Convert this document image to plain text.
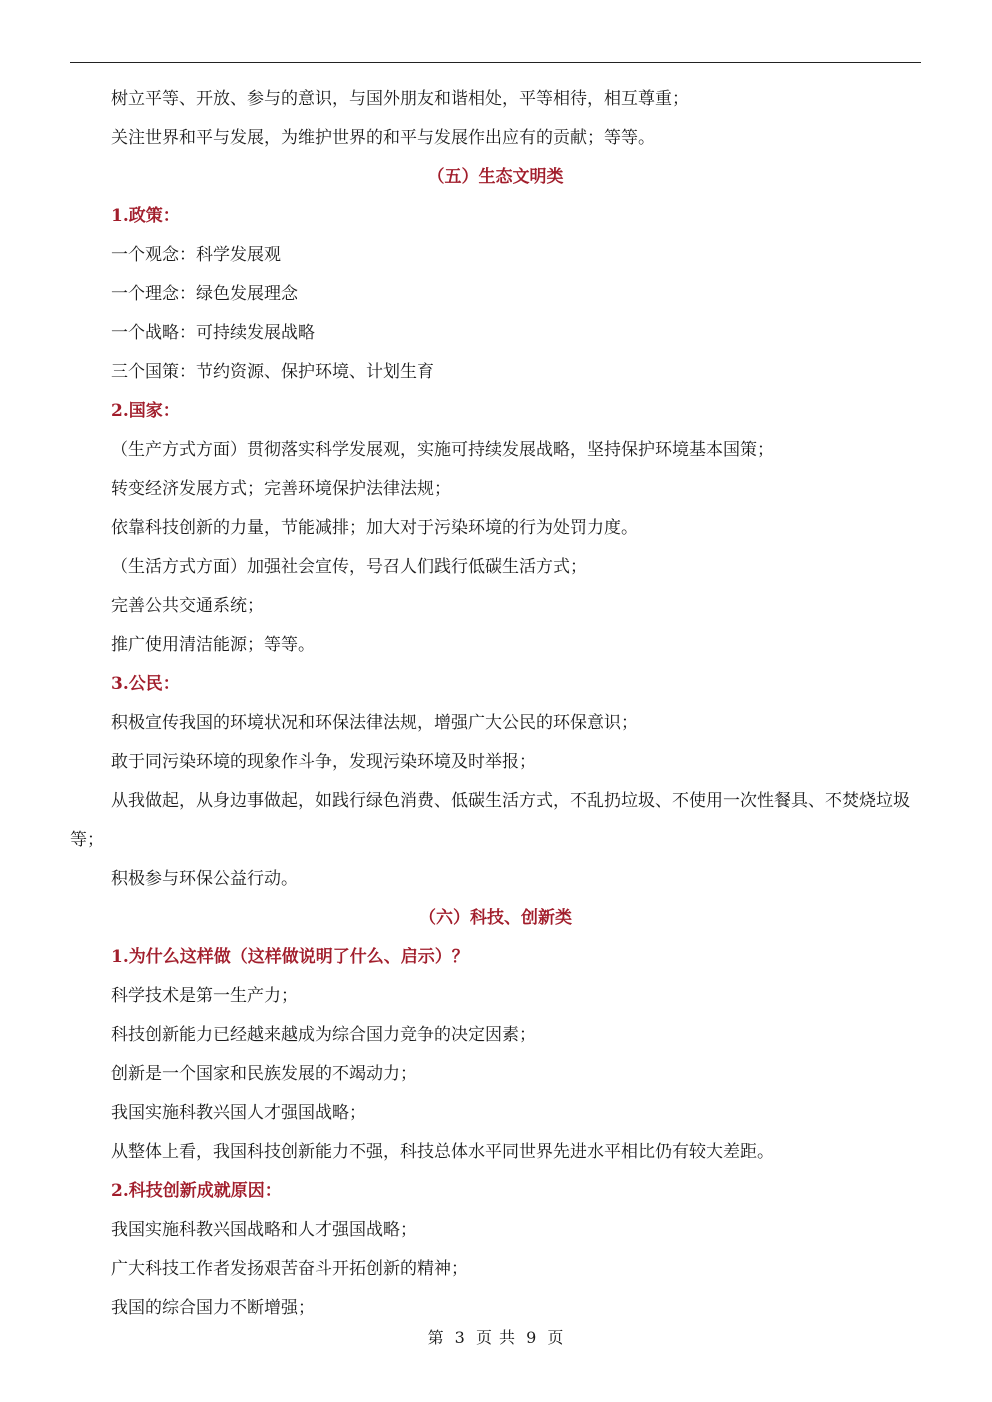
树立平等、开放、参与的意识，与国外朋友和谐相处，平等相待，相互尊重；
关注世界和平与发展，为维护世界的和平与发展作出应有的贡献；等等。
（五）生态文明类
1.政策：
一个观念：科学发展观
一个理念：绿色发展理念
一个战略：可持续发展战略
三个国策：节约资源、保护环境、计划生育
2.国家：
（生产方式方面）贯彻落实科学发展观，实施可持续发展战略，坚持保护环境基本国策；
转变经济发展方式；完善环境保护法律法规；
依靠科技创新的力量，节能减排；加大对于污染环境的行为处罚力度。
（生活方式方面）加强社会宣传，号召人们践行低碳生活方式；
完善公共交通系统；
推广使用清洁能源；等等。
3.公民：
积极宣传我国的环境状况和环保法律法规，增强广大公民的环保意识；
敢于同污染环境的现象作斗争，发现污染环境及时举报；
从我做起，从身边事做起，如践行绿色消费、低碳生活方式，不乱扔垃圾、不使用一次性餐具、不焚烧垃圾等；
积极参与环保公益行动。
（六）科技、创新类
1.为什么这样做（这样做说明了什么、启示）？
科学技术是第一生产力；
科技创新能力已经越来越成为综合国力竞争的决定因素；
创新是一个国家和民族发展的不竭动力；
我国实施科教兴国人才强国战略；
从整体上看，我国科技创新能力不强，科技总体水平同世界先进水平相比仍有较大差距。
2.科技创新成就原因：
我国实施科教兴国战略和人才强国战略；
广大科技工作者发扬艰苦奋斗开拓创新的精神；
我国的综合国力不断增强；
第 3 页 共 9 页
